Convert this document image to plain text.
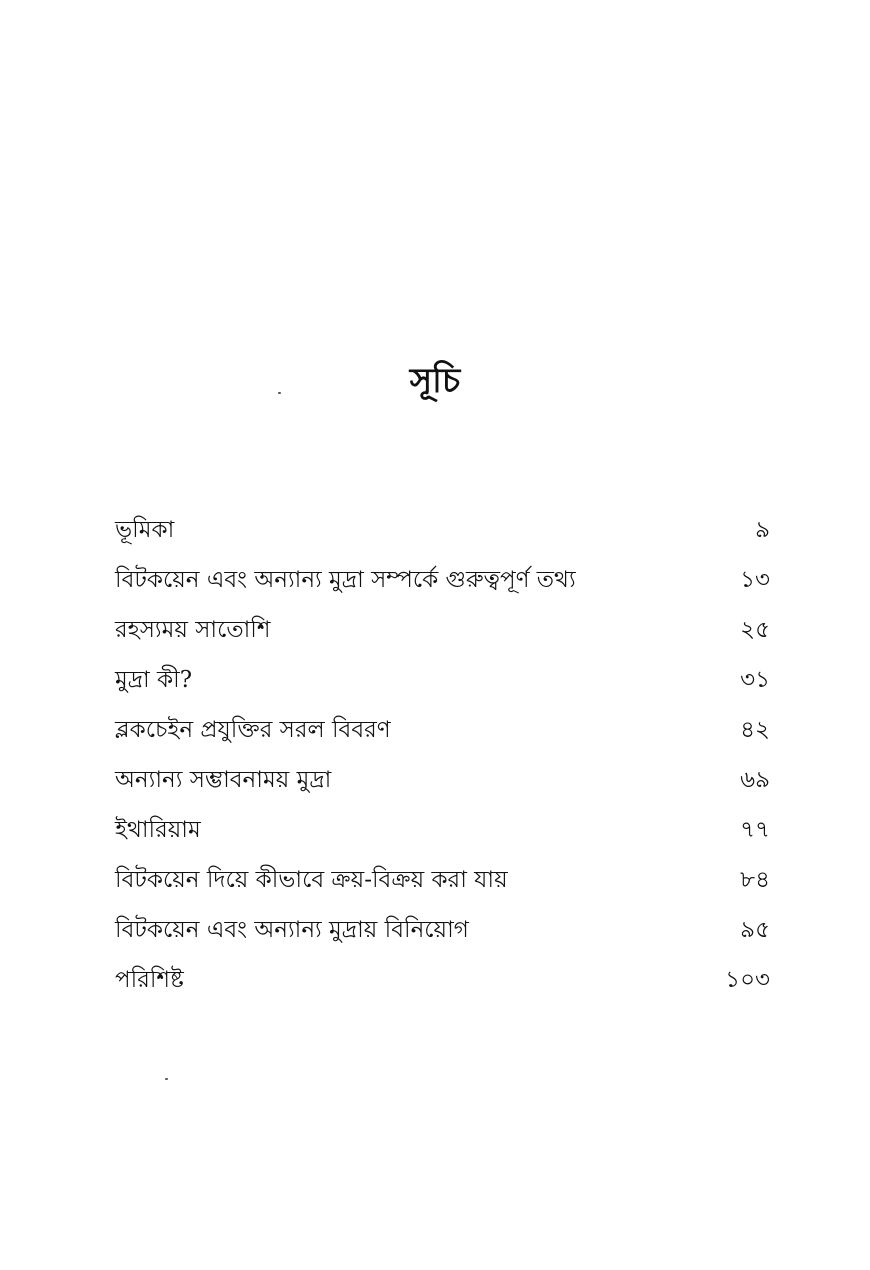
সূচি
ভূমিকা	৯
বিটকয়েন এবং অন্যান্য মুদ্রা সম্পর্কে গুরুত্বপূর্ণ তথ্য	১৩
রহস্যময় সাতোশি	২৫
মুদ্রা কী?	৩১
ব্লকচেইন প্রযুক্তির সরল বিবরণ	৪২
অন্যান্য সম্ভাবনাময় মুদ্রা	৬৯
ইথারিয়াম	৭৭
বিটকয়েন দিয়ে কীভাবে ক্রয়-বিক্রয় করা যায়	৮৪
বিটকয়েন এবং অন্যান্য মুদ্রায় বিনিয়োগ	৯৫
পরিশিষ্ট	১০৩
